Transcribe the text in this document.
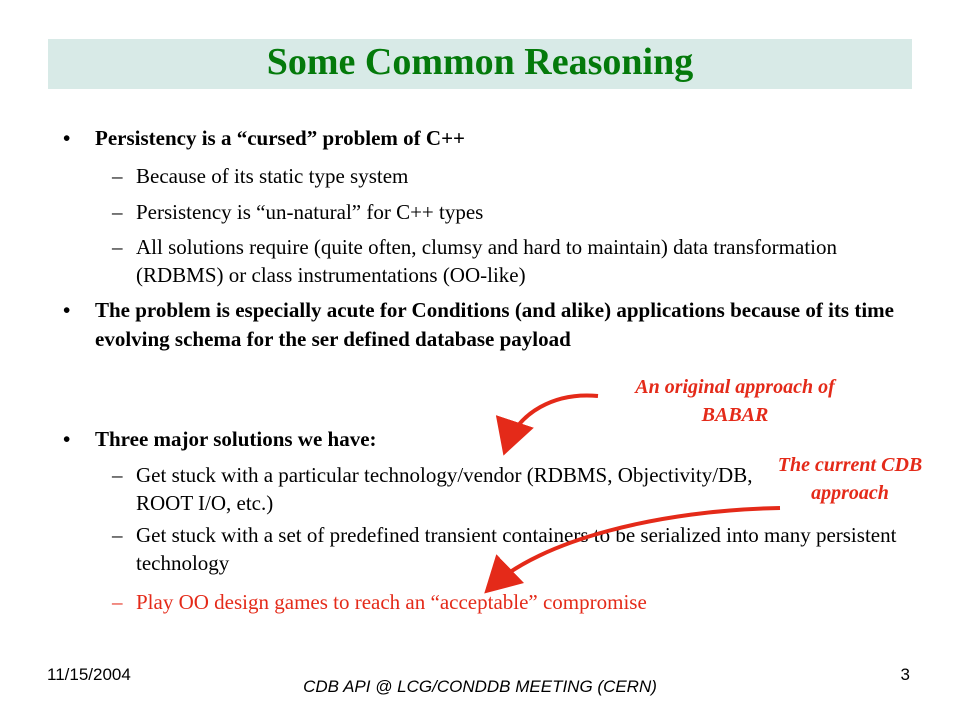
Some Common Reasoning
• Persistency is a “cursed” problem of C++
– Because of its static type system
– Persistency is “un-natural” for C++ types
– All solutions require (quite often, clumsy and hard to maintain) data transformation (RDBMS) or class instrumentations (OO-like)
• The problem is especially acute for Conditions (and alike) applications because of its time evolving schema for the ser defined database payload
• Three major solutions we have:
– Get stuck with a particular technology/vendor (RDBMS, Objectivity/DB, ROOT I/O, etc.)
– Get stuck with a set of predefined transient containers to be serialized into many persistent technology
– Play OO design games to reach an “acceptable” compromise
An original approach of BABAR
The current CDB approach
11/15/2004
CDB API @ LCG/CONDDB MEETING (CERN)
3
